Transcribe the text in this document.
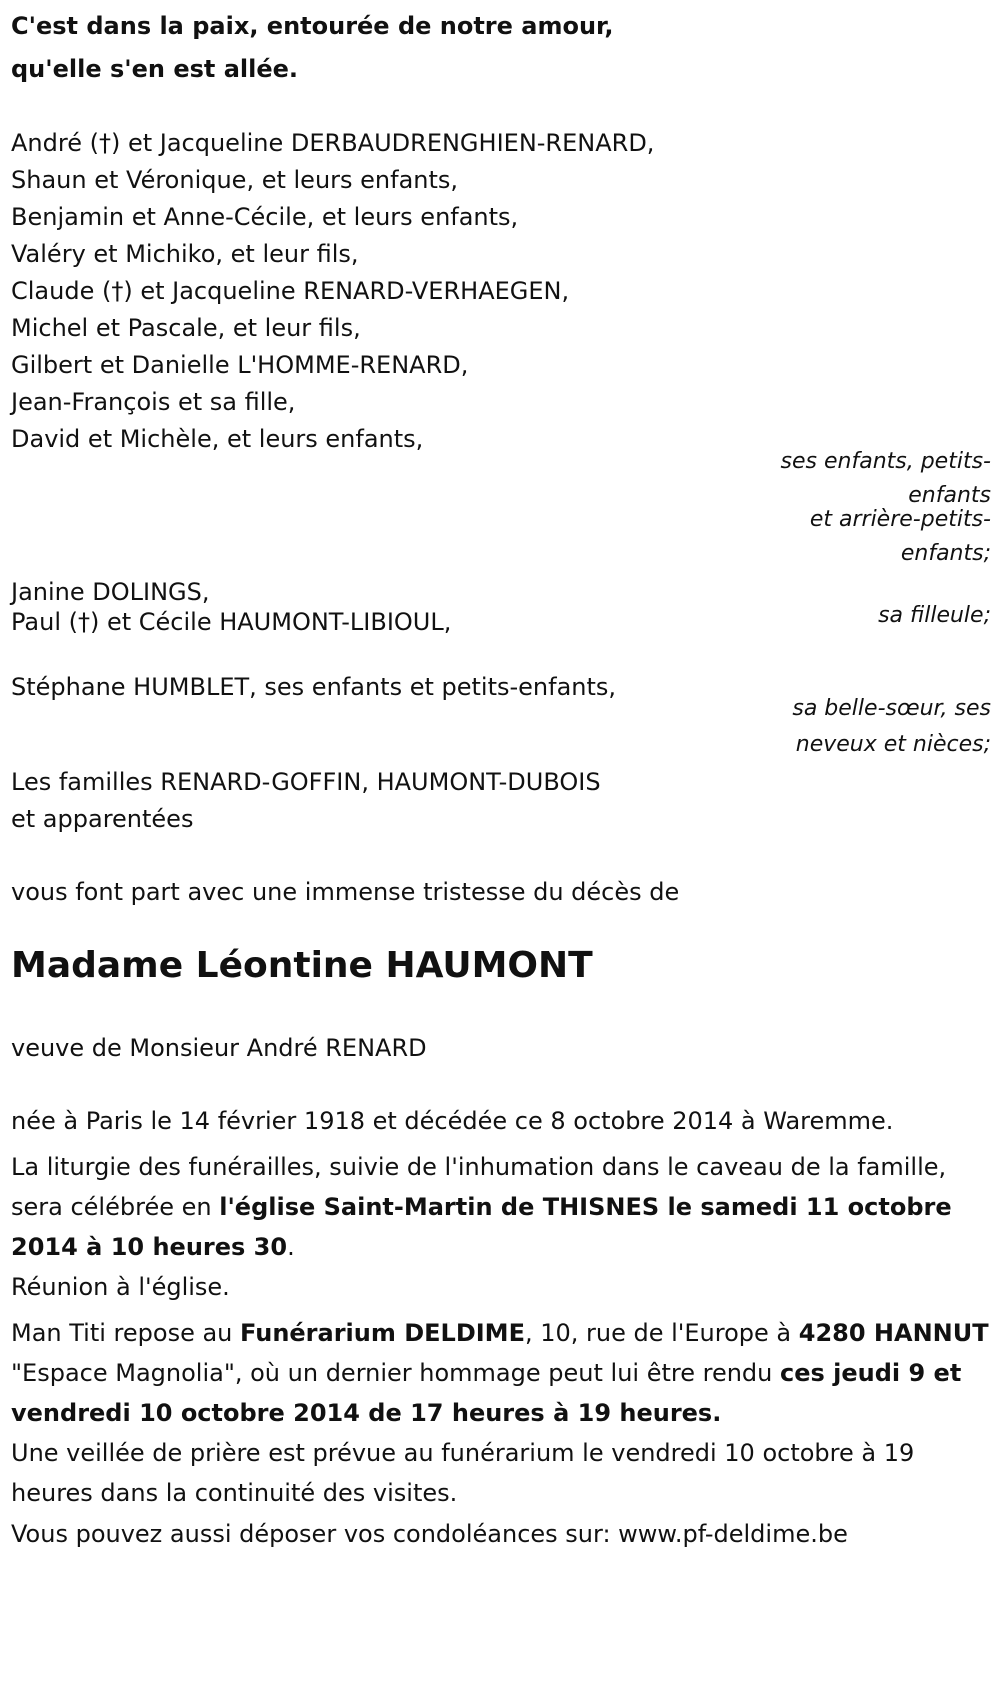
C'est dans la paix, entourée de notre amour,
qu'elle s'en est allée.
André (†) et Jacqueline DERBAUDRENGHIEN-RENARD,
Shaun et Véronique, et leurs enfants,
Benjamin et Anne-Cécile, et leurs enfants,
Valéry et Michiko, et leur fils,
Claude (†) et Jacqueline RENARD-VERHAEGEN,
Michel et Pascale, et leur fils,
Gilbert et Danielle L'HOMME-RENARD,
Jean-François et sa fille,
David et Michèle, et leurs enfants,
ses enfants, petits-enfants
et arrière-petits-enfants;
Janine DOLINGS,
sa filleule;
Paul (†) et Cécile HAUMONT-LIBIOUL,
Stéphane HUMBLET, ses enfants et petits-enfants,
sa belle-sœur, ses neveux et nièces;
Les familles RENARD-GOFFIN, HAUMONT-DUBOIS
et apparentées
vous font part avec une immense tristesse du décès de
Madame Léontine HAUMONT
veuve de Monsieur André RENARD
née à Paris le 14 février 1918 et décédée ce 8 octobre 2014 à Waremme.
La liturgie des funérailles, suivie de l'inhumation dans le caveau de la famille, sera célébrée en l'église Saint-Martin de THISNES le samedi 11 octobre 2014 à 10 heures 30.
Réunion à l'église.
Man Titi repose au Funérarium DELDIME, 10, rue de l'Europe à 4280 HANNUT "Espace Magnolia", où un dernier hommage peut lui être rendu ces jeudi 9 et vendredi 10 octobre 2014 de 17 heures à 19 heures.
Une veillée de prière est prévue au funérarium le vendredi 10 octobre à 19 heures dans la continuité des visites.
Vous pouvez aussi déposer vos condoléances sur: www.pf-deldime.be
